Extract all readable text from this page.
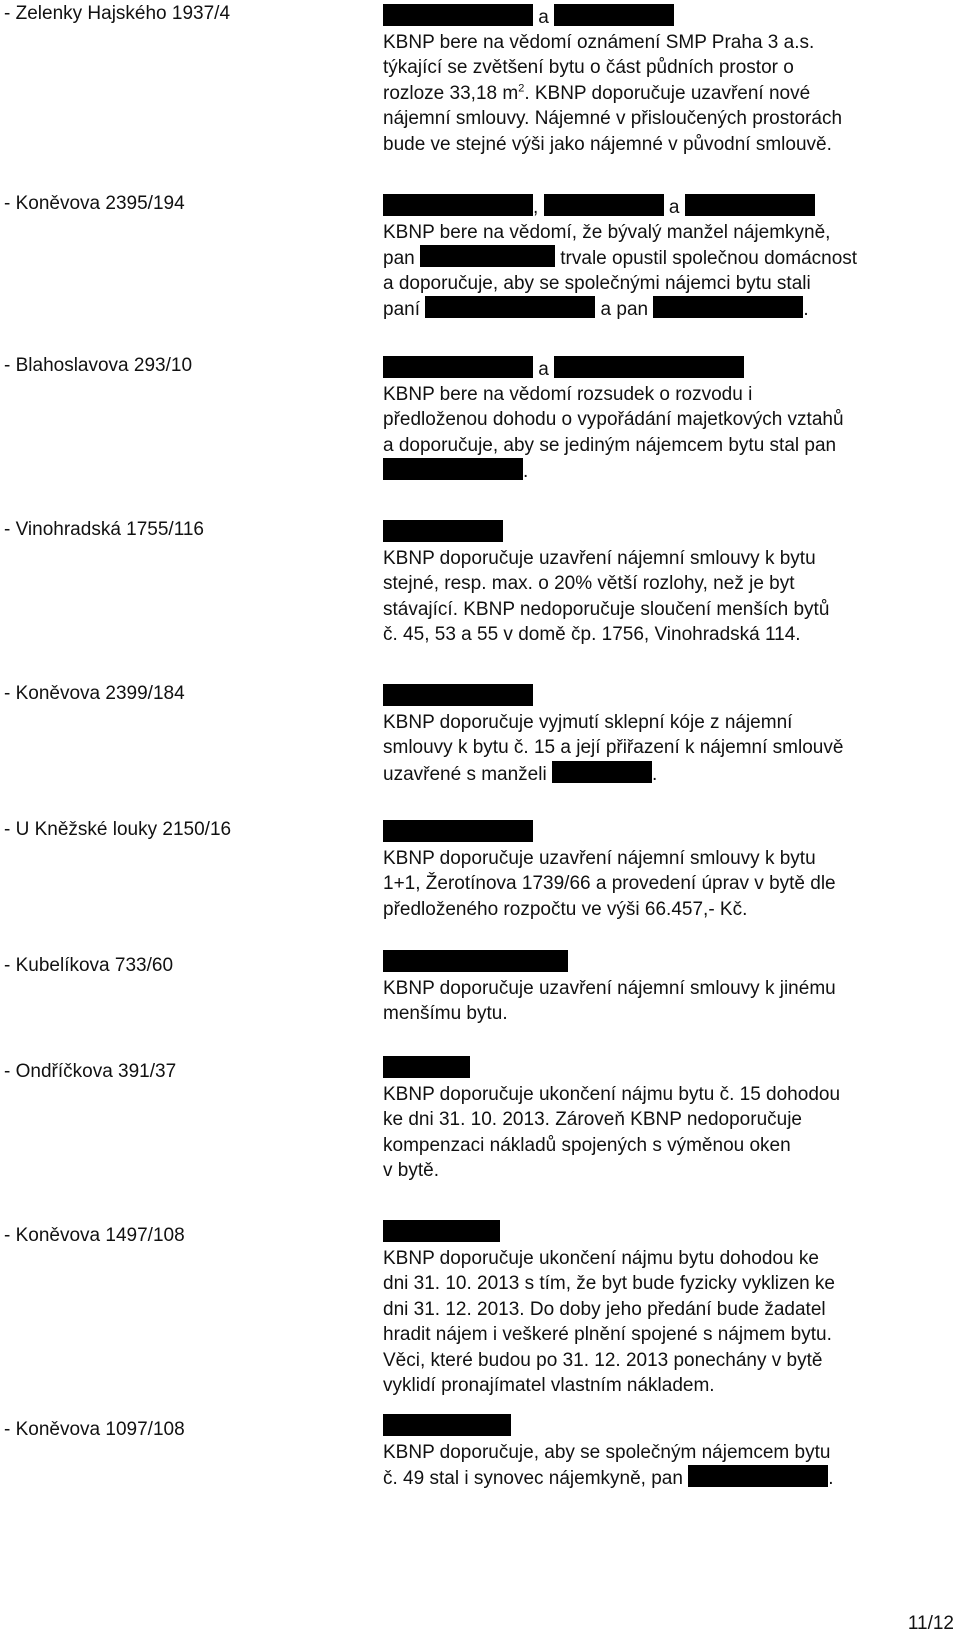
- Zelenky Hajského 1937/4	a
KBNP bere na vědomí oznámení SMP Praha 3 a.s.
týkající se zvětšení bytu o část půdních prostor o
rozloze 33,18 $m^2$. KBNP doporučuje uzavření nové
nájemní smlouvy. Nájemné v přisloučených prostorách
bude ve stejné výši jako nájemné v původní smlouvě.
- Koněvova 2395/194	,	a
KBNP bere na vědomí, že bývalý manžel nájemkyně,
pan	trvale opustil společnou domácnost
a doporučuje, aby se společnými nájemci bytu stali
paní	a pan	.
- Blahoslavova 293/10	a
KBNP bere na vědomí rozsudek o rozvodu i
předloženou dohodu o vypořádání majetkových vztahů
a doporučuje, aby se jediným nájemcem bytu stal pan
.
- Vinohradská 1755/116
KBNP doporučuje uzavření nájemní smlouvy k bytu
stejné, resp. max. o 20% větší rozlohy, než je byt
stávající. KBNP nedoporučuje sloučení menších bytů
č. 45, 53 a 55 v domě čp. 1756, Vinohradská 114.
- Koněvova 2399/184
KBNP doporučuje vyjmutí sklepní kóje z nájemní
smlouvy k bytu č. 15 a její přiřazení k nájemní smlouvě
uzavřené s manželi	.
- U Kněžské louky 2150/16
KBNP doporučuje uzavření nájemní smlouvy k bytu
1+1, Žerotínova 1739/66 a provedení úprav v bytě dle
předloženého rozpočtu ve výši 66.457,- Kč.
- Kubelíkova 733/60
KBNP doporučuje uzavření nájemní smlouvy k jinému
menšímu bytu.
- Ondříčkova 391/37
KBNP doporučuje ukončení nájmu bytu č. 15 dohodou
ke dni 31. 10. 2013. Zároveň KBNP nedoporučuje
kompenzaci nákladů spojených s výměnou oken
v bytě.
- Koněvova 1497/108
KBNP doporučuje ukončení nájmu bytu dohodou ke
dni 31. 10. 2013 s tím, že byt bude fyzicky vyklizen ke
dni 31. 12. 2013. Do doby jeho předání bude žadatel
hradit nájem i veškeré plnění spojené s nájmem bytu.
Věci, které budou po 31. 12. 2013 ponechány v bytě
vyklidí pronajímatel vlastním nákladem.
- Koněvova 1097/108
KBNP doporučuje, aby se společným nájemcem bytu
č. 49 stal i synovec nájemkyně, pan	.
11/12
